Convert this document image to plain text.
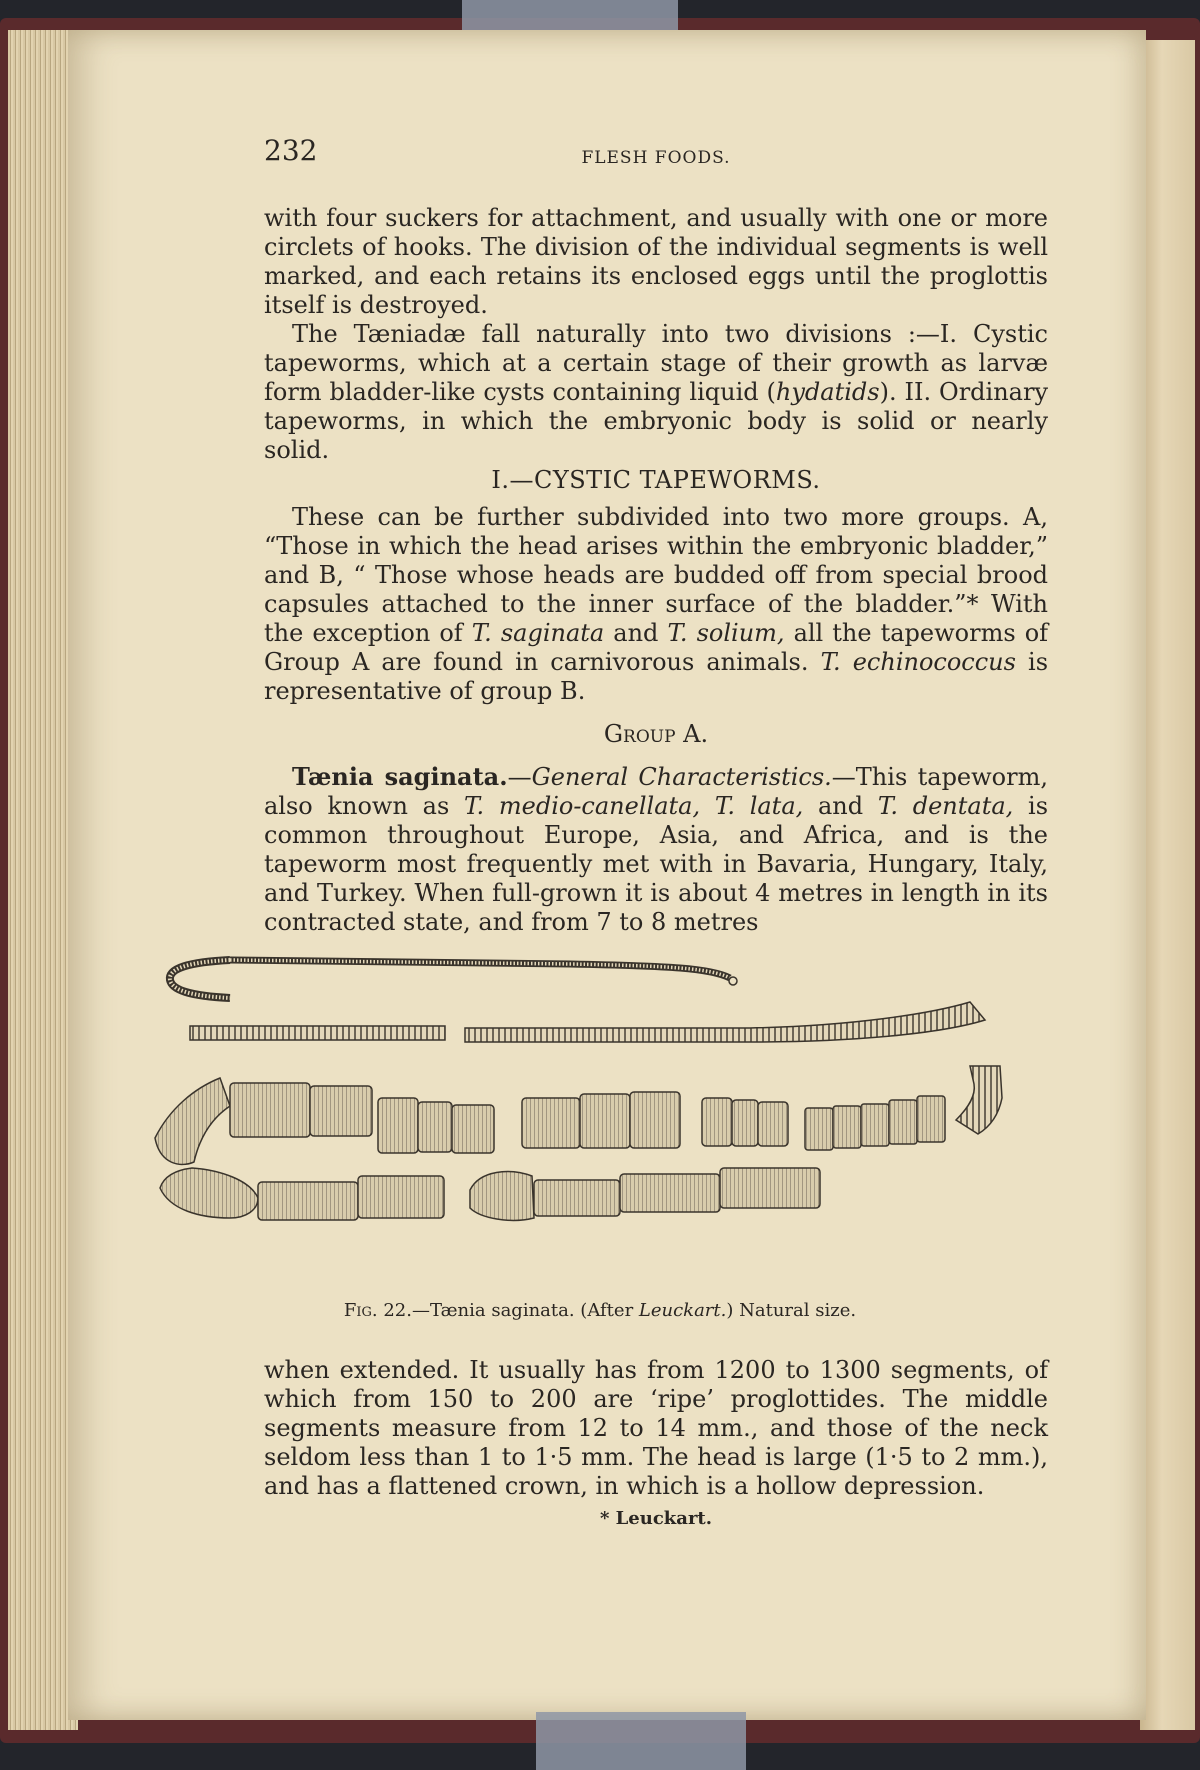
232	FLESH FOODS.

with four suckers for attachment, and usually with one or more circlets of hooks. The division of the individual segments is well marked, and each retains its enclosed eggs until the proglottis itself is destroyed.

The Tæniadæ fall naturally into two divisions :—I. Cystic tapeworms, which at a certain stage of their growth as larvæ form bladder-like cysts containing liquid (hydatids). II. Ordinary tapeworms, in which the embryonic body is solid or nearly solid.

I.—CYSTIC TAPEWORMS.

These can be further subdivided into two more groups. A, “Those in which the head arises within the embryonic bladder,” and B, “ Those whose heads are budded off from special brood capsules attached to the inner surface of the bladder.”* With the exception of T. saginata and T. solium, all the tapeworms of Group A are found in carnivorous animals. T. echinococcus is representative of group B.

Group A.

Tænia saginata.—General Characteristics.—This tapeworm, also known as T. medio-canellata, T. lata, and T. dentata, is common throughout Europe, Asia, and Africa, and is the tapeworm most frequently met with in Bavaria, Hungary, Italy, and Turkey. When full-grown it is about 4 metres in length in its contracted state, and from 7 to 8 metres

when extended. It usually has from 1200 to 1300 segments, of which from 150 to 200 are ‘ripe’ proglottides. The middle segments measure from 12 to 14 mm., and those of the neck seldom less than 1 to 1·5 mm. The head is large (1·5 to 2 mm.), and has a flattened crown, in which is a hollow depression.

* Leuckart.
Fig. 22.—Tænia saginata. (After Leuckart.) Natural size.
